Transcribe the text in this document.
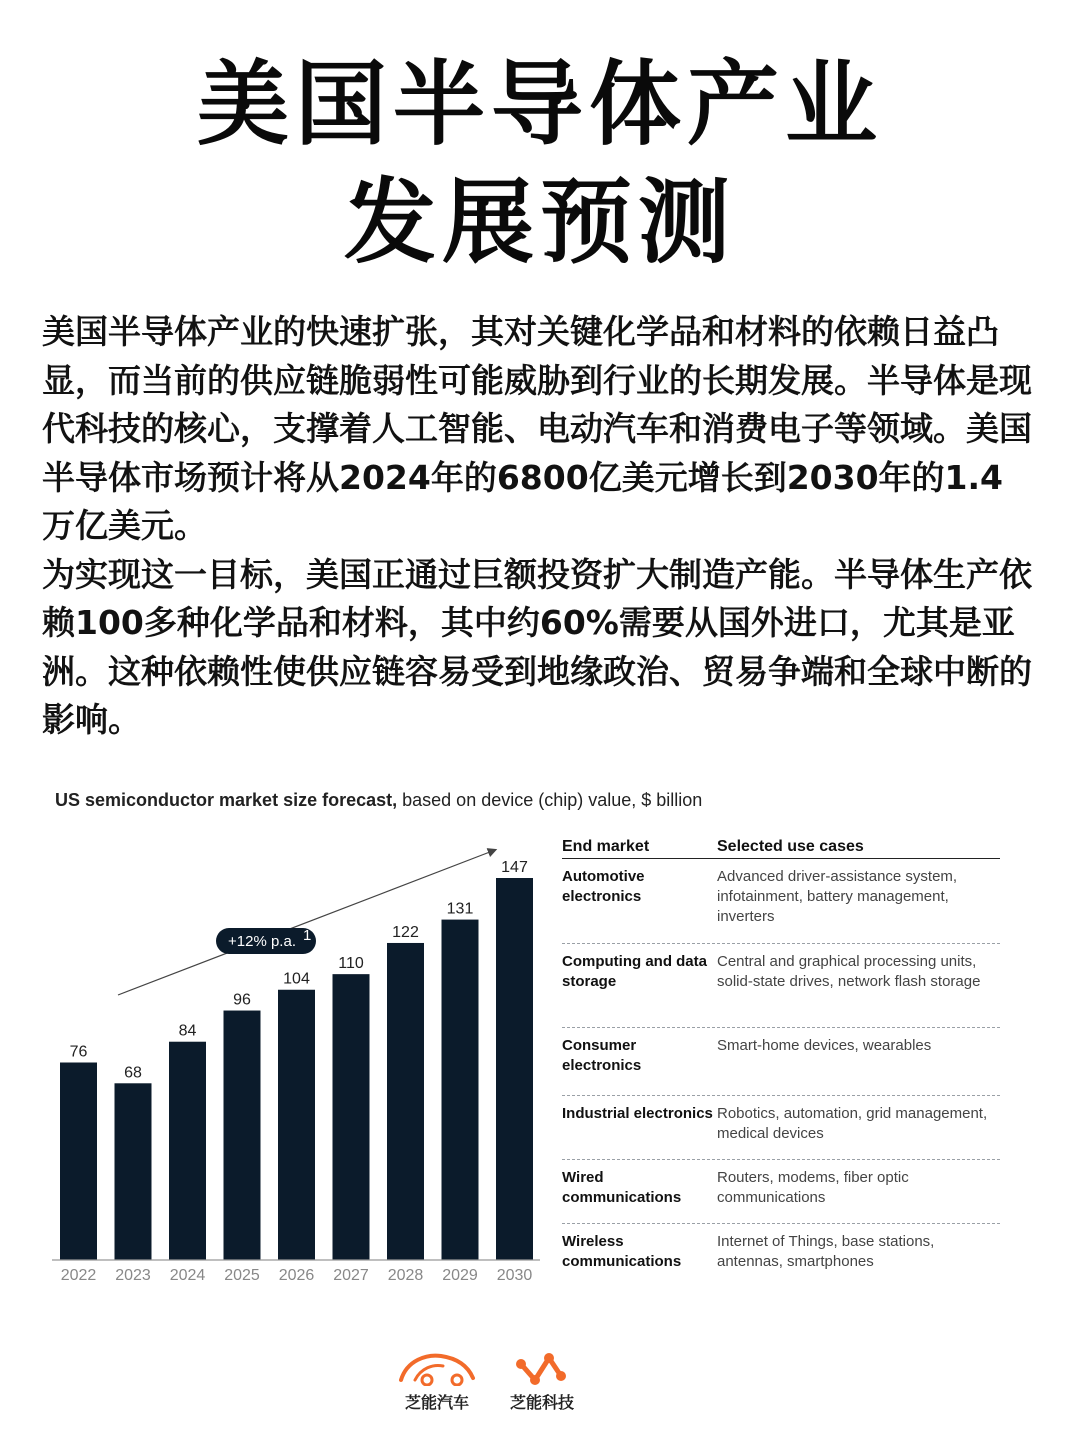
美国半导体产业
发展预测

美国半导体产业的快速扩张，其对关键化学品和材料的依赖日益凸显，而当前的供应链脆弱性可能威胁到行业的长期发展。半导体是现代科技的核心，支撑着人工智能、电动汽车和消费电子等领域。美国半导体市场预计将从2024年的6800亿美元增长到2030年的1.4万亿美元。

为实现这一目标，美国正通过巨额投资扩大制造产能。半导体生产依赖100多种化学品和材料，其中约60%需要从国外进口，尤其是亚洲。这种依赖性使供应链容易受到地缘政治、贸易争端和全球中断的影响。

US semiconductor market size forecast, based on device (chip) value, $ billion
+12% p.a. 1
76
2022
68
2023
84
2024
96
2025
104
2026
110
2027
122
2028
131
2029
147
2030
End market	Selected use cases
Automotive electronics
Advanced driver-assistance system, infotainment, battery management, inverters
Computing and data storage
Central and graphical processing units, solid-state drives, network flash storage
Consumer electronics
Smart-home devices, wearables
Industrial electronics Robotics, automation, grid management, medical devices
Wired communications
Routers, modems, fiber optic communications
Wireless communications
Internet of Things, base stations, antennas, smartphones
芝能汽车	芝能科技
